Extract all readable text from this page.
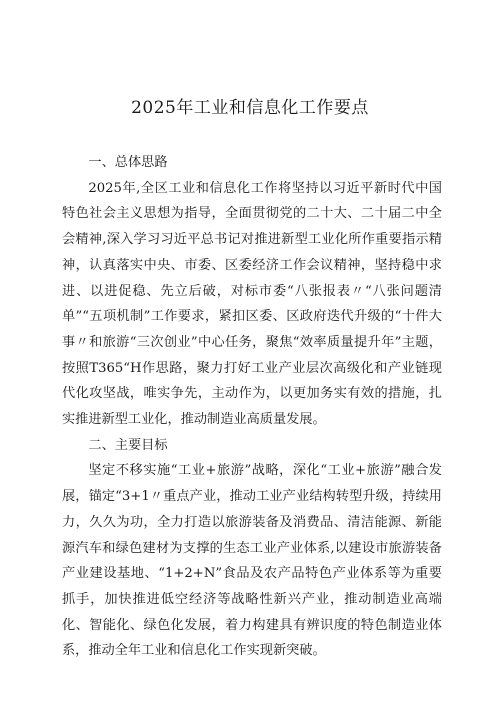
2025年工业和信息化工作要点

一、总体思路

2025年,全区工业和信息化工作将坚持以习近平新时代中国特色社会主义思想为指导，全面贯彻党的二十大、二十届二中全会精神,深入学习习近平总书记对推进新型工业化所作重要指示精神，认真落实中央、市委、区委经济工作会议精神，坚持稳中求进、以进促稳、先立后破，对标市委“八张报表〃“八张问题清单”“五项机制”工作要求，紧扣区委、区政府迭代升级的“十件大事〃和旅游“三次创业”中心任务，聚焦“效率质量提升年”主题，按照T365“H作思路，聚力打好工业产业层次高级化和产业链现代化攻坚战，唯实争先，主动作为，以更加务实有效的措施，扎实推进新型工业化，推动制造业高质量发展。

二、主要目标

坚定不移实施“工业+旅游”战略，深化“工业+旅游”融合发展，锚定“3+1〃重点产业，推动工业产业结构转型升级，持续用力，久久为功，全力打造以旅游装备及消费品、清洁能源、新能源汽车和绿色建材为支撑的生态工业产业体系,以建设市旅游装备产业建设基地、“1+2+N”食品及农产品特色产业体系等为重要抓手，加快推进低空经济等战略性新兴产业，推动制造业高端化、智能化、绿色化发展，着力构建具有辨识度的特色制造业体系，推动全年工业和信息化工作实现新突破。
